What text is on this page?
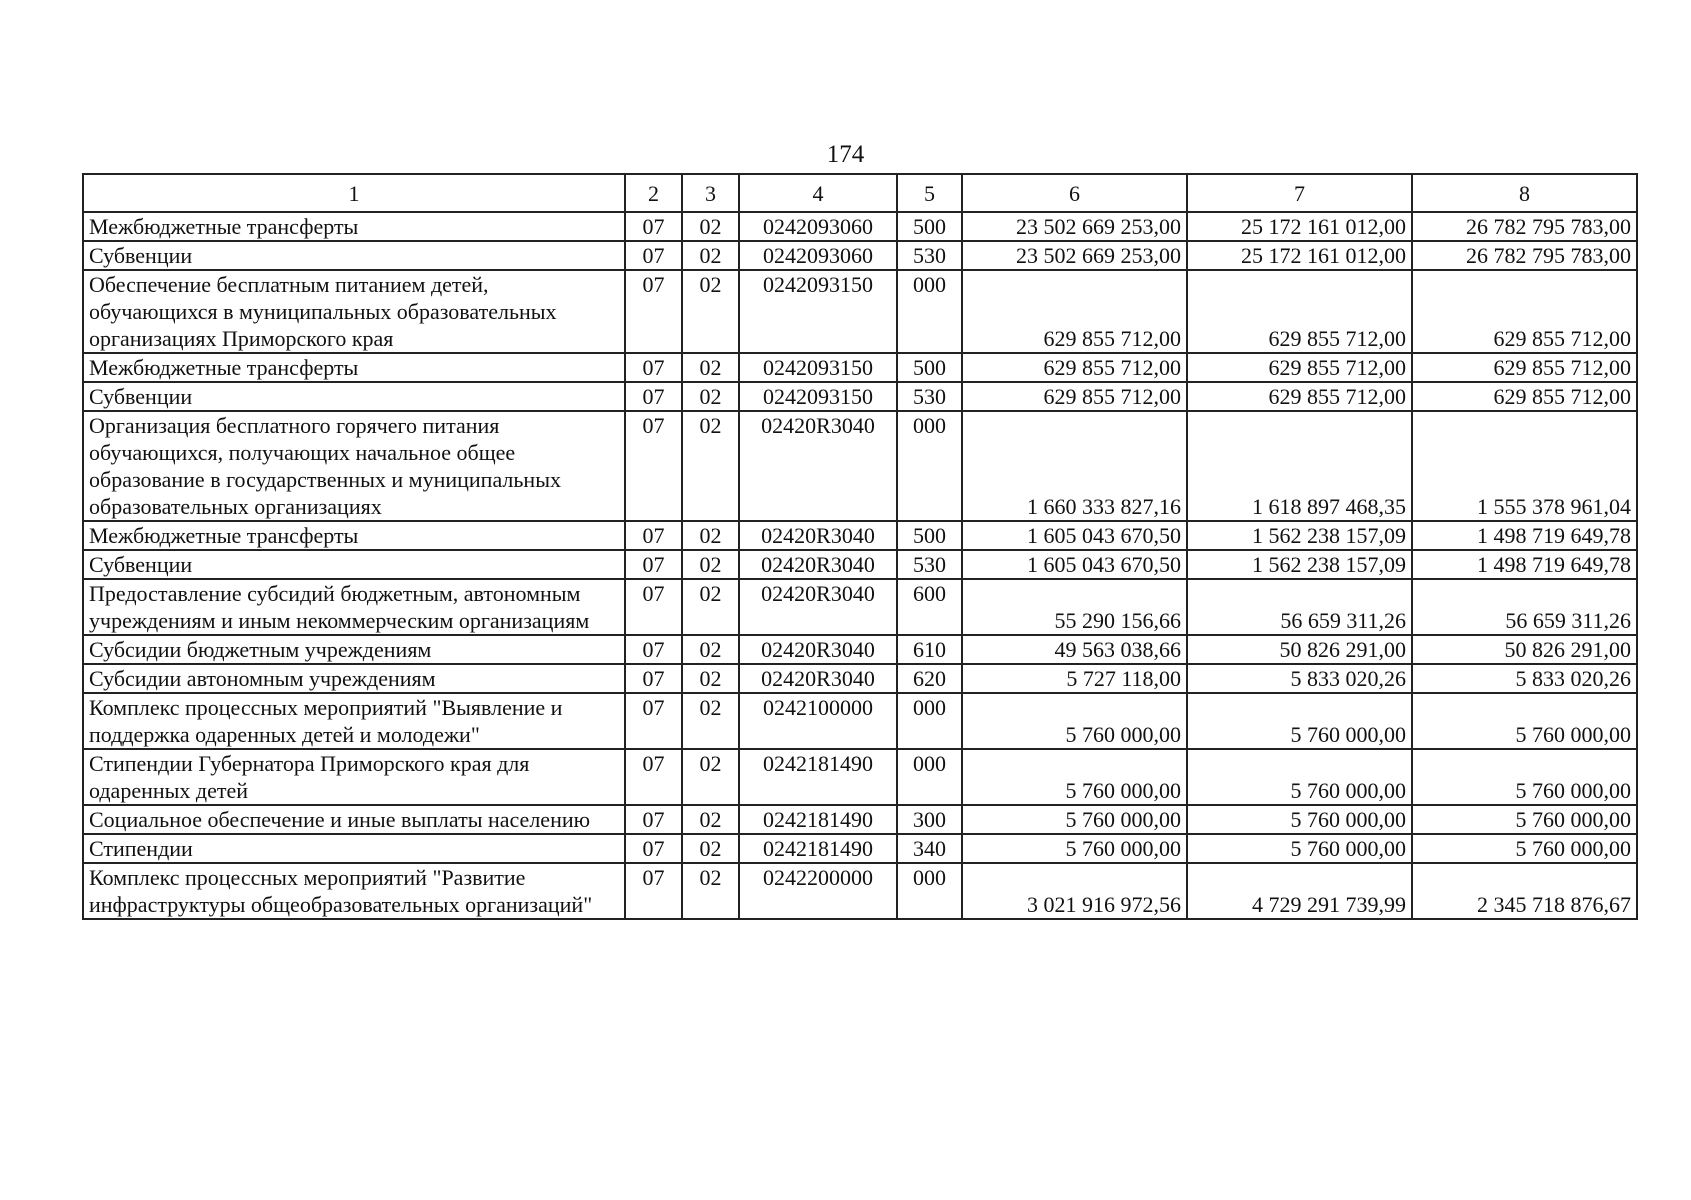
174
1	2	3	4	5	6	7	8
Межбюджетные трансферты	07	02	0242093060	500	23 502 669 253,00	25 172 161 012,00	26 782 795 783,00
Субвенции	07	02	0242093060	530	23 502 669 253,00	25 172 161 012,00	26 782 795 783,00
Обеспечение бесплатным питанием детей, обучающихся в муниципальных образовательных организациях Приморского края	07	02	0242093150	000	629 855 712,00	629 855 712,00	629 855 712,00
Межбюджетные трансферты	07	02	0242093150	500	629 855 712,00	629 855 712,00	629 855 712,00
Субвенции	07	02	0242093150	530	629 855 712,00	629 855 712,00	629 855 712,00
Организация бесплатного горячего питания обучающихся, получающих начальное общее образование в государственных и муниципальных образовательных организациях	07	02	02420R3040	000	1 660 333 827,16	1 618 897 468,35	1 555 378 961,04
Межбюджетные трансферты	07	02	02420R3040	500	1 605 043 670,50	1 562 238 157,09	1 498 719 649,78
Субвенции	07	02	02420R3040	530	1 605 043 670,50	1 562 238 157,09	1 498 719 649,78
Предоставление субсидий бюджетным, автономным учреждениям и иным некоммерческим организациям	07	02	02420R3040	600	55 290 156,66	56 659 311,26	56 659 311,26
Субсидии бюджетным учреждениям	07	02	02420R3040	610	49 563 038,66	50 826 291,00	50 826 291,00
Субсидии автономным учреждениям	07	02	02420R3040	620	5 727 118,00	5 833 020,26	5 833 020,26
Комплекс процессных мероприятий "Выявление и поддержка одаренных детей и молодежи"	07	02	0242100000	000	5 760 000,00	5 760 000,00	5 760 000,00
Стипендии Губернатора Приморского края для одаренных детей	07	02	0242181490	000	5 760 000,00	5 760 000,00	5 760 000,00
Социальное обеспечение и иные выплаты населению	07	02	0242181490	300	5 760 000,00	5 760 000,00	5 760 000,00
Стипендии	07	02	0242181490	340	5 760 000,00	5 760 000,00	5 760 000,00
Комплекс процессных мероприятий "Развитие инфраструктуры общеобразовательных организаций"	07	02	0242200000	000	3 021 916 972,56	4 729 291 739,99	2 345 718 876,67
